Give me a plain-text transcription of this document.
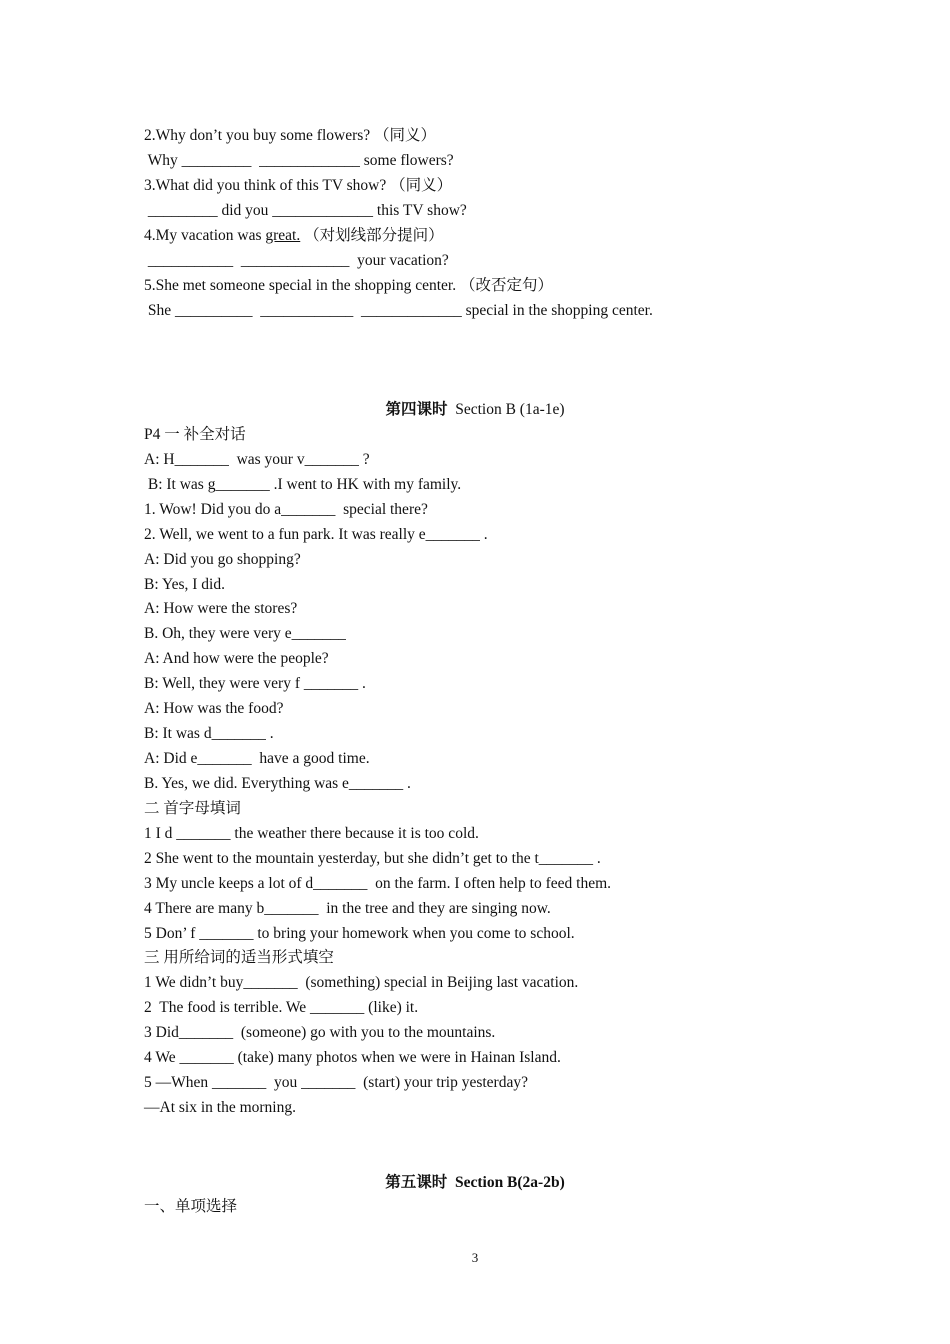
2.Why don’t you buy some flowers? （同义）
Why _________  _____________ some flowers?
3.What did you think of this TV show? （同义）
_________ did you _____________ this TV show?
4.My vacation was great. （对划线部分提问）
___________  ______________  your vacation?
5.She met someone special in the shopping center. （改否定句）
She __________  ____________  _____________ special in the shopping center.
第四课时  Section B (1a-1e)
P4 一 补全对话
A: H_______  was your v_______ ?
B: It was g_______ .I went to HK with my family.
1. Wow! Did you do a_______  special there?
2. Well, we went to a fun park. It was really e_______ .
A: Did you go shopping?
B: Yes, I did.
A: How were the stores?
B. Oh, they were very e_______
A: And how were the people?
B: Well, they were very f _______ .
A: How was the food?
B: It was d_______ .
A: Did e_______  have a good time.
B. Yes, we did. Everything was e_______ .
二 首字母填词
1 I d _______ the weather there because it is too cold.
2 She went to the mountain yesterday, but she didn’t get to the t_______ .
3 My uncle keeps a lot of d_______  on the farm. I often help to feed them.
4 There are many b_______  in the tree and they are singing now.
5 Don’ f _______ to bring your homework when you come to school.
三 用所给词的适当形式填空
1 We didn’t buy_______  (something) special in Beijing last vacation.
2  The food is terrible. We _______ (like) it.
3 Did_______  (someone) go with you to the mountains.
4 We _______ (take) many photos when we were in Hainan Island.
5 —When _______  you _______  (start) your trip yesterday?
—At six in the morning.
第五课时  Section B(2a-2b)
一、单项选择
3
